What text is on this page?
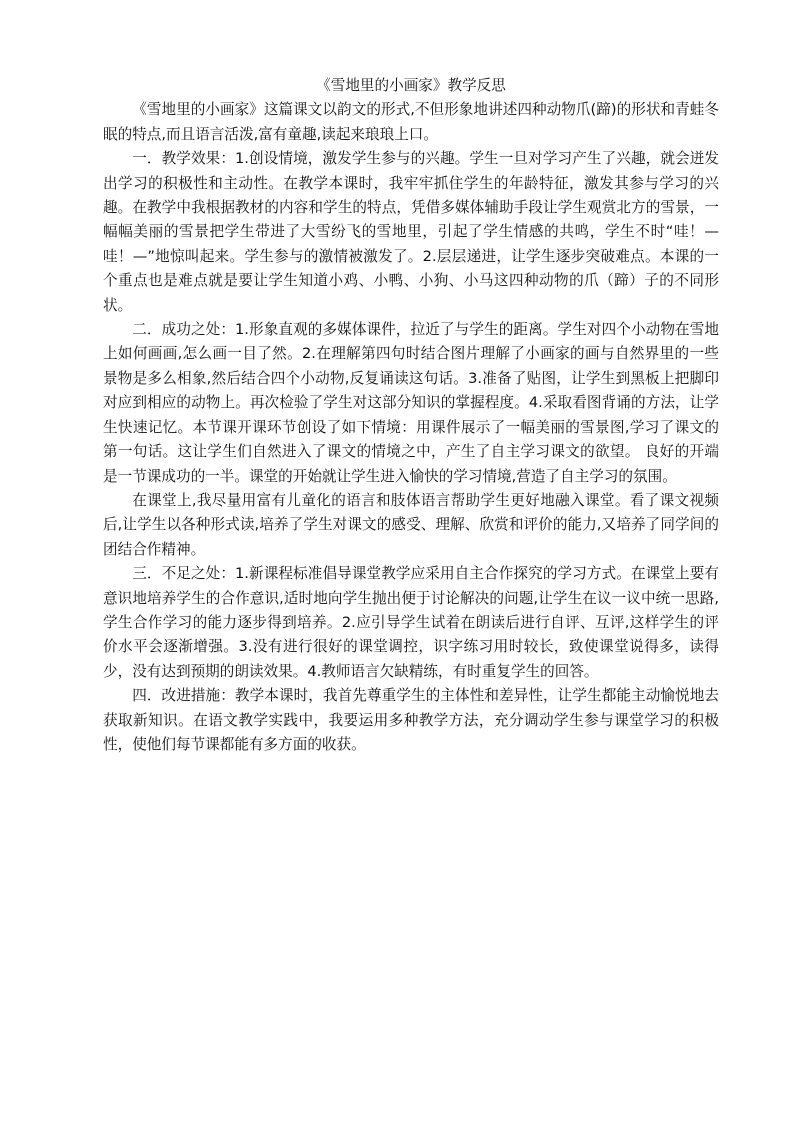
《雪地里的小画家》教学反思

《雪地里的小画家》这篇课文以韵文的形式,不但形象地讲述四种动物爪(蹄)的形状和青蛙冬眠的特点,而且语言活泼,富有童趣,读起来琅琅上口。

一．教学效果：1.创设情境，激发学生参与的兴趣。学生一旦对学习产生了兴趣，就会迸发出学习的积极性和主动性。在教学本课时，我牢牢抓住学生的年龄特征，激发其参与学习的兴趣。在教学中我根据教材的内容和学生的特点，凭借多媒体辅助手段让学生观赏北方的雪景，一幅幅美丽的雪景把学生带进了大雪纷飞的雪地里，引起了学生情感的共鸣，学生不时“哇！—哇！—”地惊叫起来。学生参与的激情被激发了。2.层层递进，让学生逐步突破难点。本课的一个重点也是难点就是要让学生知道小鸡、小鸭、小狗、小马这四种动物的爪（蹄）子的不同形状。

二．成功之处：1.形象直观的多媒体课件，拉近了与学生的距离。学生对四个小动物在雪地上如何画画,怎么画一目了然。2.在理解第四句时结合图片理解了小画家的画与自然界里的一些景物是多么相象,然后结合四个小动物,反复诵读这句话。3.准备了贴图，让学生到黑板上把脚印对应到相应的动物上。再次检验了学生对这部分知识的掌握程度。4.采取看图背诵的方法，让学生快速记忆。本节课开课环节创设了如下情境：用课件展示了一幅美丽的雪景图,学习了课文的第一句话。这让学生们自然进入了课文的情境之中，产生了自主学习课文的欲望。 良好的开端是一节课成功的一半。课堂的开始就让学生进入愉快的学习情境,营造了自主学习的氛围。

在课堂上,我尽量用富有儿童化的语言和肢体语言帮助学生更好地融入课堂。看了课文视频后,让学生以各种形式读,培养了学生对课文的感受、理解、欣赏和评价的能力,又培养了同学间的团结合作精神。

三．不足之处：1.新课程标准倡导课堂教学应采用自主合作探究的学习方式。在课堂上要有意识地培养学生的合作意识,适时地向学生抛出便于讨论解决的问题,让学生在议一议中统一思路,学生合作学习的能力逐步得到培养。2.应引导学生试着在朗读后进行自评、互评,这样学生的评价水平会逐渐增强。3.没有进行很好的课堂调控，识字练习用时较长，致使课堂说得多，读得少，没有达到预期的朗读效果。4.教师语言欠缺精练，有时重复学生的回答。

四．改进措施：教学本课时，我首先尊重学生的主体性和差异性，让学生都能主动愉悦地去获取新知识。在语文教学实践中，我要运用多种教学方法，充分调动学生参与课堂学习的积极性，使他们每节课都能有多方面的收获。
